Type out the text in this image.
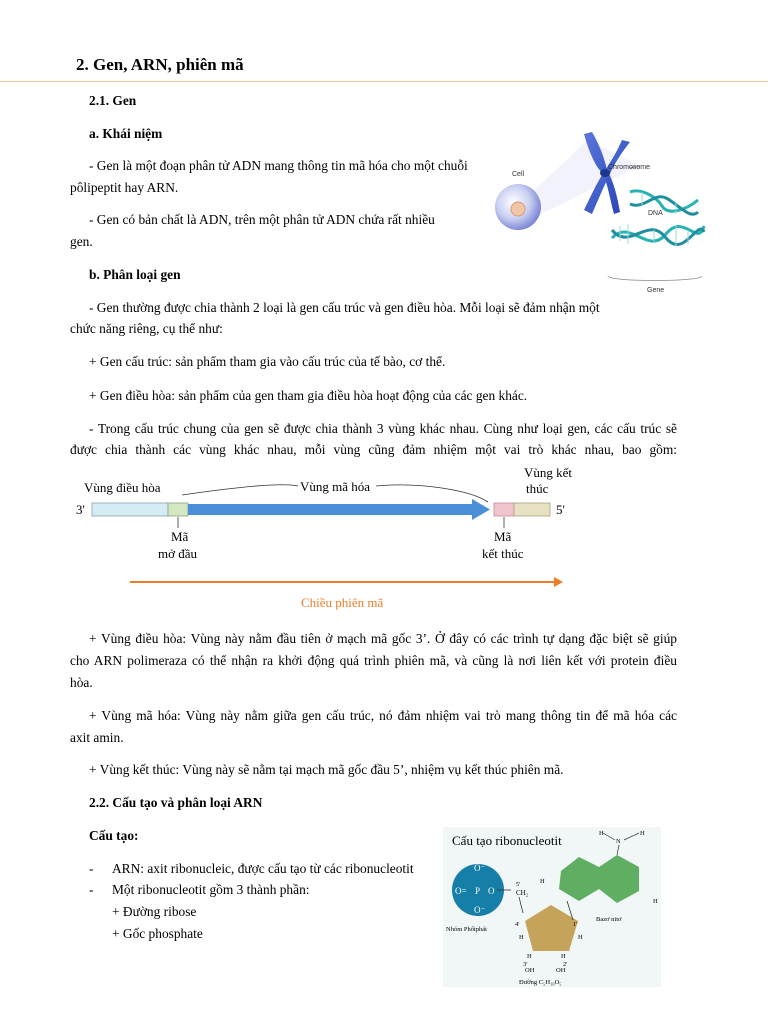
2. Gen, ARN, phiên mã

2.1. Gen

a. Khái niệm

- Gen là một đoạn phân tử ADN mang thông tin mã hóa cho một chuỗi

pôlipeptit hay ARN.

- Gen có bản chất là ADN, trên một phân tử ADN chứa rất nhiều

gen.

b. Phân loại gen

- Gen thường được chia thành 2 loại là gen cấu trúc và gen điều hòa. Mỗi loại sẽ đảm nhận một

chức năng riêng, cụ thể như:

+ Gen cấu trúc: sản phẩm tham gia vào cấu trúc của tế bào, cơ thể.

+ Gen điều hòa: sản phẩm của gen tham gia điều hòa hoạt động của các gen khác.

- Trong cấu trúc chung của gen sẽ được chia thành 3 vùng khác nhau. Cùng như loại gen, các cấu trúc sẽ

được chia thành các vùng khác nhau, mỗi vùng cũng đảm nhiệm một vai trò khác nhau, bao gồm:

Cell
Chromosome
DNA
Gene
Vùng điều hòa	Vùng mã hóa
Vùng kết
thúc
3'	5'
Mã
mở đầu
Mã
kết thúc
Chiều phiên mã

+ Vùng điều hòa: Vùng này nằm đầu tiên ở mạch mã gốc 3’. Ở đây có các trình tự dạng đặc biệt sẽ giúp

cho ARN polimeraza có thể nhận ra khởi động quá trình phiên mã, và cũng là nơi liên kết với protein điều

hòa.

+ Vùng mã hóa: Vùng này nằm giữa gen cấu trúc, nó đảm nhiệm vai trò mang thông tin để mã hóa các

axit amin.

+ Vùng kết thúc: Vùng này sẽ nằm tại mạch mã gốc đầu 5’, nhiệm vụ kết thúc phiên mã.

2.2. Cấu tạo và phân loại ARN

Cấu tạo:

- ARN: axit ribonucleic, được cấu tạo từ các ribonucleotit

- Một ribonucleotit gồm 3 thành phần:

+ Đường ribose

+ Gốc phosphate

Cấu tạo ribonucleotit
O⁻
O= P O
O⁻
Nhóm Phốtphát
5'
CH₂
4'	1'
3'	2'
H	H
H	H
OH	OH
Đường C₅H₁₀O₅
H
H	H
N
H
Bazơ nitơ
